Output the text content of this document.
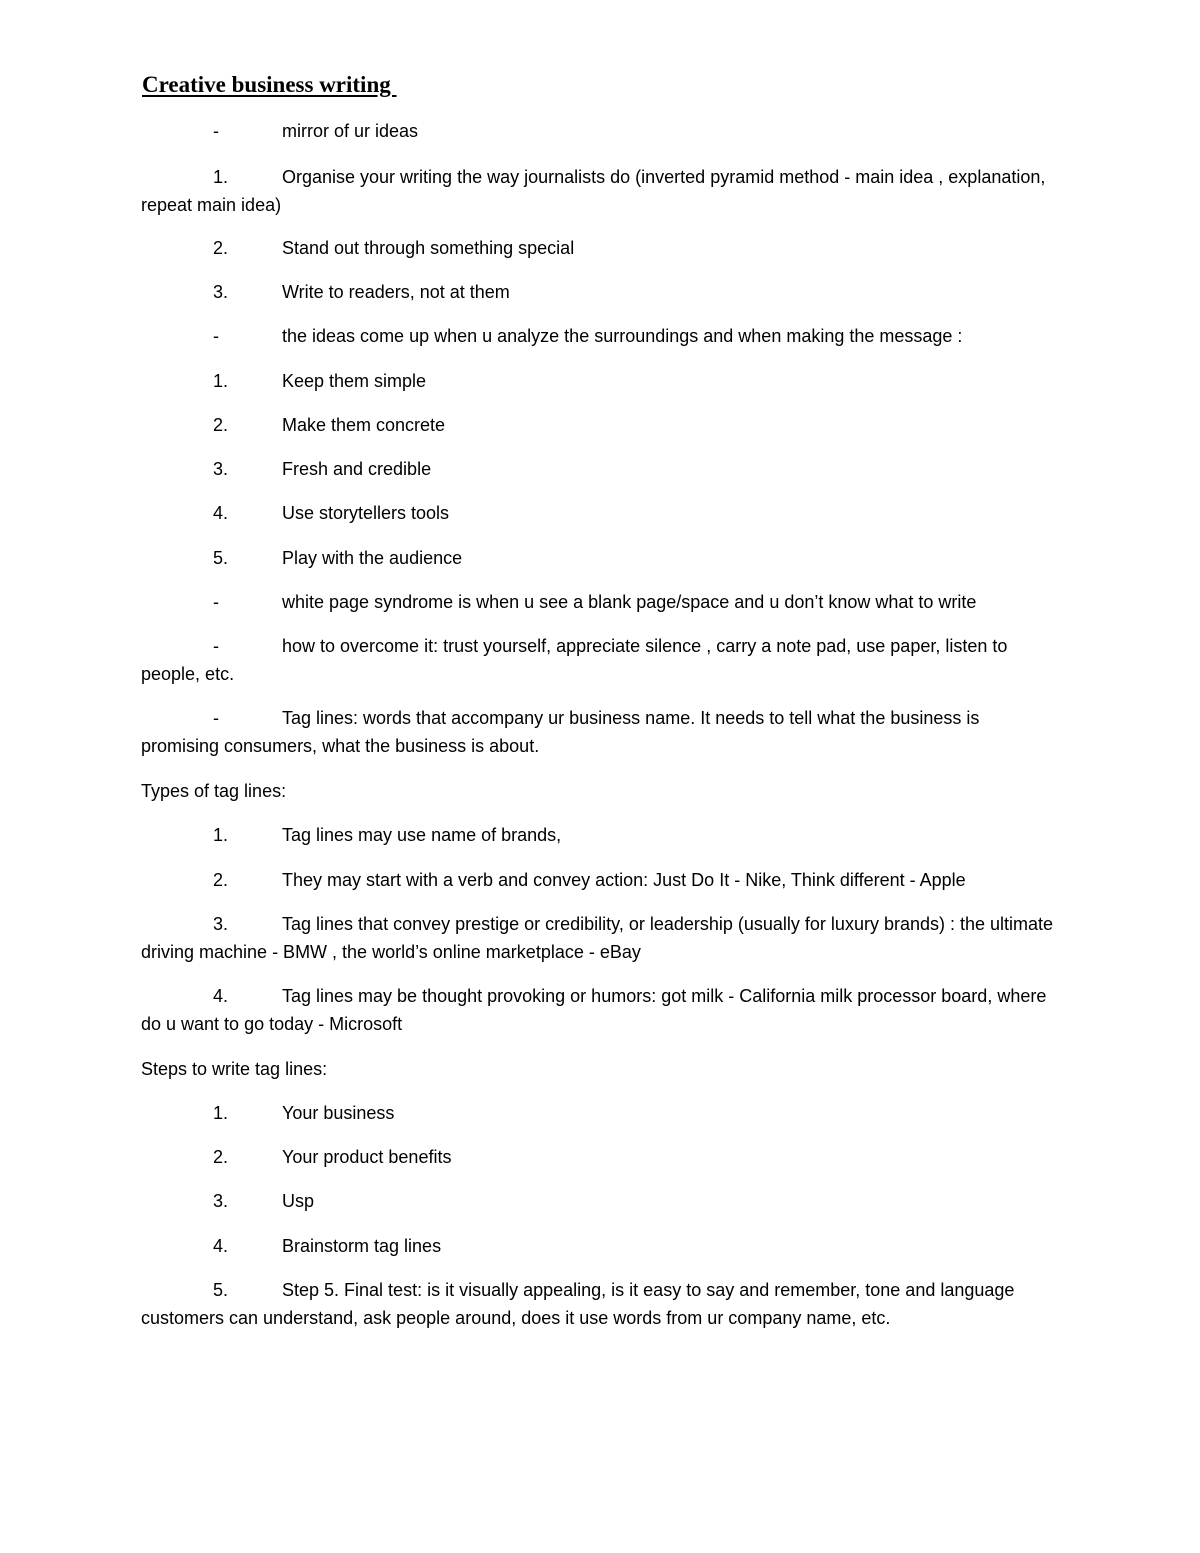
Creative business writing

-	mirror of ur ideas

1.	Organise your writing the way journalists do (inverted pyramid method - main idea , explanation, repeat main idea)

2.	Stand out through something special

3.	Write to readers, not at them

-	the ideas come up when u analyze the surroundings and when making the message :

1.	Keep them simple

2.	Make them concrete

3.	Fresh and credible

4.	Use storytellers tools

5.	Play with the audience

-	white page syndrome is when u see a blank page/space and u don’t know what to write

-	how to overcome it: trust yourself, appreciate silence , carry a note pad, use paper, listen to people, etc.

-	Tag lines: words that accompany ur business name. It needs to tell what the business is promising consumers, what the business is about.

Types of tag lines:

1.	Tag lines may use name of brands,

2.	They may start with a verb and convey action: Just Do It - Nike, Think different - Apple

3.	Tag lines that convey prestige or credibility, or leadership (usually for luxury brands) : the ultimate driving machine - BMW , the world’s online marketplace - eBay

4.	Tag lines may be thought provoking or humors: got milk - California milk processor board, where do u want to go today - Microsoft

Steps to write tag lines:

1.	Your business

2.	Your product benefits

3.	Usp

4.	Brainstorm tag lines

5.	Step 5. Final test: is it visually appealing, is it easy to say and remember, tone and language customers can understand, ask people around, does it use words from ur company name, etc.
